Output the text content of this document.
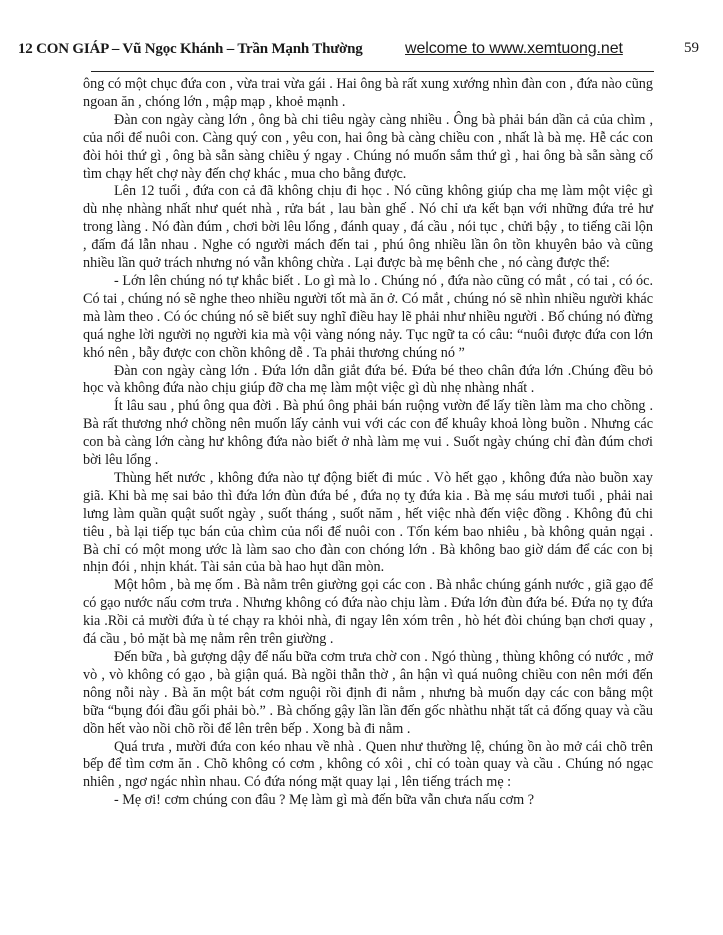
12 CON GIÁP – Vũ Ngọc Khánh – Trần Mạnh Thường	welcome to www.xemtuong.net	59

ông có một chục đứa con , vừa trai vừa gái . Hai ông bà rất xung xướng nhìn đàn con , đứa nào cũng ngoan ăn , chóng lớn , mập mạp , khoẻ mạnh .

Đàn con ngày càng lớn , ông bà chi tiêu ngày càng nhiều . Ông bà phải bán dần cả của chìm , của nổi để nuôi con. Càng quý con , yêu con, hai ông bà càng chiều con , nhất là bà mẹ. Hễ các con đòi hỏi thứ gì , ông bà sẵn sàng chiều ý ngay . Chúng nó muốn sắm thứ gì , hai ông bà sẵn sàng cố tìm chạy hết chợ này đến chợ khác , mua cho bằng được.

Lên 12 tuổi , đứa con cả đã không chịu đi học . Nó cũng không giúp cha mẹ làm một việc gì dù nhẹ nhàng nhất như quét nhà , rửa bát , lau bàn ghế . Nó chỉ ưa kết bạn với những đứa trẻ hư trong làng . Nó đàn đúm , chơi bời lêu lổng , đánh quay , đá cầu , nói tục , chửi bậy , to tiếng cãi lộn , đấm đá lẫn nhau . Nghe có người mách đến tai , phú ông nhiều lần ôn tồn khuyên bảo và cũng nhiều lần quở trách nhưng nó vẫn không chừa . Lại được bà mẹ bênh che , nó càng được thể:

- Lớn lên chúng nó tự khắc biết . Lo gì mà lo . Chúng nó , đứa nào cũng có mắt , có tai , có óc. Có tai , chúng nó sẽ nghe theo nhiều người tốt mà ăn ở. Có mắt , chúng nó sẽ nhìn nhiều người khác mà làm theo . Có óc chúng nó sẽ biết suy nghĩ điều hay lẽ phải như nhiều người . Bố chúng nó đừng quá nghe lời người nọ người kia mà vội vàng nóng nảy. Tục ngữ ta có câu: “nuôi được đứa con lớn khó nên , bẫy được con chồn không dễ . Ta phải thương chúng nó ”

Đàn con ngày càng lớn . Đứa lớn dẫn giắt đứa bé. Đứa bé theo chân đứa lớn .Chúng đều bỏ học và không đứa nào chịu giúp đỡ cha mẹ làm một việc gì dù nhẹ nhàng nhất .

Ít lâu sau , phú ông qua đời . Bà phú ông phải bán ruộng vườn để lấy tiền làm ma cho chồng . Bà rất thương nhớ chồng nên muốn lấy cảnh vui với các con để khuây khoả lòng buồn . Nhưng các con bà càng lớn càng hư không đứa nào biết ở nhà làm mẹ vui . Suốt ngày chúng chỉ đàn đúm chơi bời lêu lổng .

Thùng hết nước , không đứa nào tự động biết đi múc . Vò hết gạo , không đứa nào buồn xay giã. Khi bà mẹ sai bảo thì đứa lớn đùn đứa bé , đứa nọ tỵ đứa kia . Bà mẹ sáu mươi tuổi , phải nai lưng làm quần quật suốt ngày , suốt tháng , suốt năm , hết việc nhà đến việc đồng . Không đủ chi tiêu , bà lại tiếp tục bán của chìm của nổi để nuôi con . Tốn kém bao nhiêu , bà không quản ngại . Bà chỉ có một mong ước là làm sao cho đàn con chóng lớn . Bà không bao giờ dám để các con bị nhịn đói , nhịn khát. Tài sản của bà hao hụt dần mòn.

Một hôm , bà mẹ ốm . Bà nằm trên giường gọi các con . Bà nhắc chúng gánh nước , giã gạo để có gạo nước nấu cơm trưa . Nhưng không có đứa nào chịu làm . Đứa lớn đùn đứa bé. Đứa nọ tỵ đứa kia .Rồi cả mười đứa ù té chạy ra khỏi nhà, đi ngay lên xóm trên , hò hét đòi chúng bạn chơi quay , đá cầu , bỏ mặt bà mẹ nằm rên trên giường .

Đến bữa , bà gượng dậy để nấu bữa cơm trưa chờ con . Ngó thùng , thùng không có nước , mở vò , vò không có gạo , bà giận quá. Bà ngồi thẫn thờ , ân hận vì quá nuông chiều con nên mới đến nông nỗi này . Bà ăn một bát cơm nguội rồi định đi nằm , nhưng bà muốn dạy các con bằng một bữa “bụng đói đầu gối phải bò.” . Bà chống gậy lần lần đến gốc nhàthu nhặt tất cả đống quay và cầu dồn hết vào nồi chõ rồi để lên trên bếp . Xong bà đi nằm .

Quá trưa , mười đứa con kéo nhau về nhà . Quen như thường lệ, chúng ồn ào mở cái chõ trên bếp để tìm cơm ăn . Chõ không có cơm , không có xôi , chỉ có toàn quay và cầu . Chúng nó ngạc nhiên , ngơ ngác nhìn nhau. Có đứa nóng mặt quay lại , lên tiếng trách mẹ :

- Mẹ ơi! cơm chúng con đâu ? Mẹ làm gì mà đến bữa vẫn chưa nấu cơm ?
